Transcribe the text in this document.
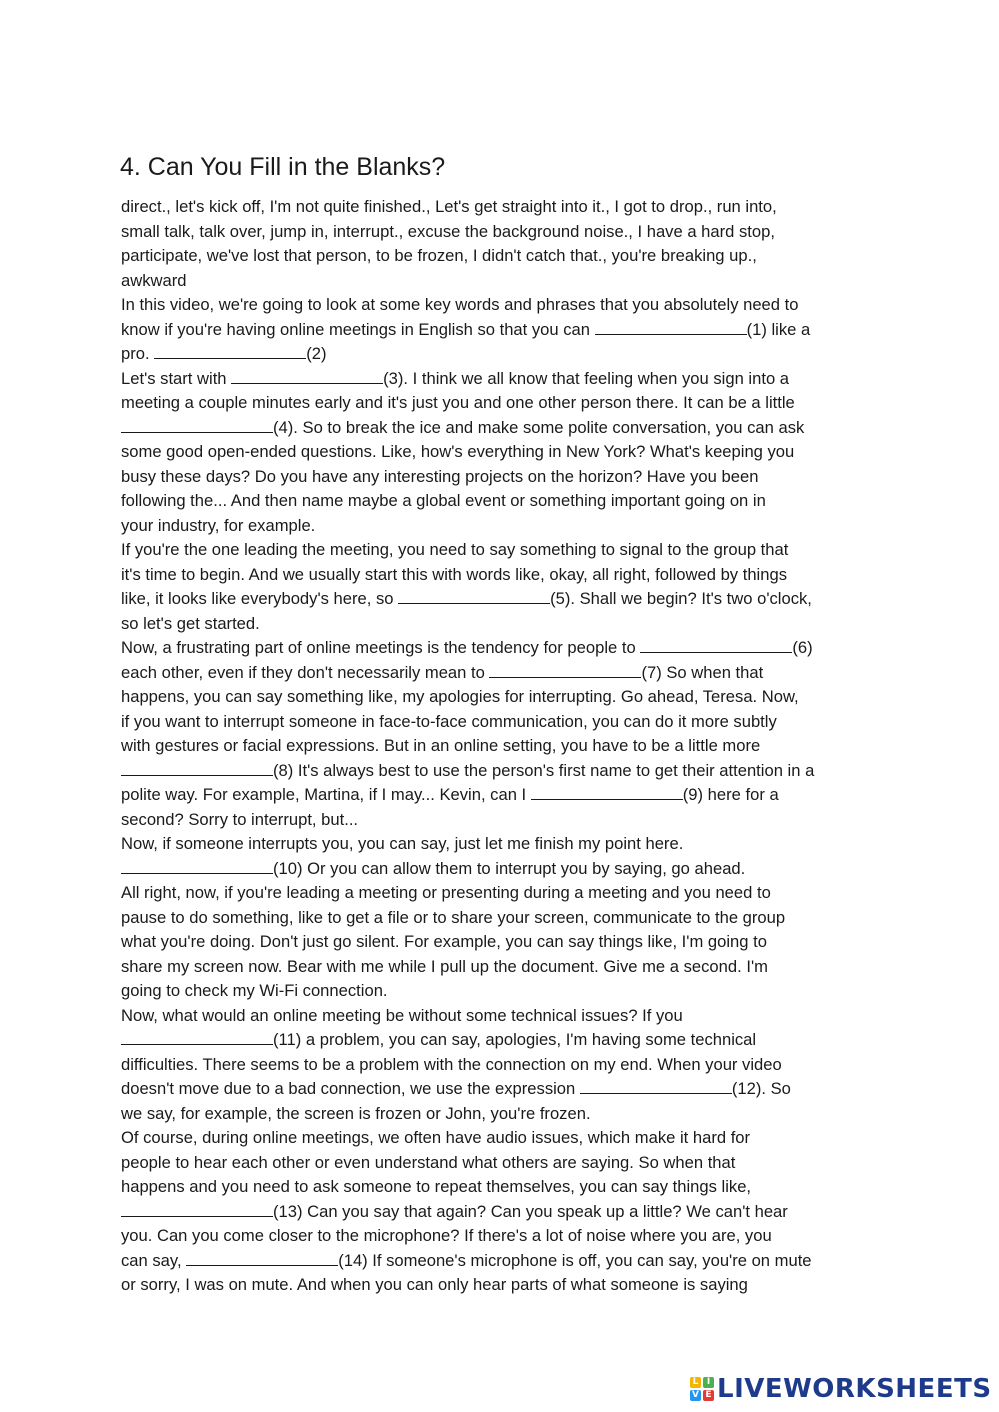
4. Can You Fill in the Blanks?
direct., let's kick off, I'm not quite finished., Let's get straight into it., I got to drop., run into,
small talk, talk over, jump in, interrupt., excuse the background noise., I have a hard stop,
participate, we've lost that person, to be frozen, I didn't catch that., you're breaking up.,
awkward
In this video, we're going to look at some key words and phrases that you absolutely need to
know if you're having online meetings in English so that you can	(1) like a
pro.	(2)
Let's start with	(3). I think we all know that feeling when you sign into a
meeting a couple minutes early and it's just you and one other person there. It can be a little
(4). So to break the ice and make some polite conversation, you can ask
some good open-ended questions. Like, how's everything in New York? What's keeping you
busy these days? Do you have any interesting projects on the horizon? Have you been
following the... And then name maybe a global event or something important going on in
your industry, for example.
If you're the one leading the meeting, you need to say something to signal to the group that
it's time to begin. And we usually start this with words like, okay, all right, followed by things
like, it looks like everybody's here, so	(5). Shall we begin? It's two o'clock,
so let's get started.
Now, a frustrating part of online meetings is the tendency for people to	(6)
each other, even if they don't necessarily mean to	(7) So when that
happens, you can say something like, my apologies for interrupting. Go ahead, Teresa. Now,
if you want to interrupt someone in face-to-face communication, you can do it more subtly
with gestures or facial expressions. But in an online setting, you have to be a little more
(8) It's always best to use the person's first name to get their attention in a
polite way. For example, Martina, if I may... Kevin, can I	(9) here for a
second? Sorry to interrupt, but...
Now, if someone interrupts you, you can say, just let me finish my point here.
(10) Or you can allow them to interrupt you by saying, go ahead.
All right, now, if you're leading a meeting or presenting during a meeting and you need to
pause to do something, like to get a file or to share your screen, communicate to the group
what you're doing. Don't just go silent. For example, you can say things like, I'm going to
share my screen now. Bear with me while I pull up the document. Give me a second. I'm
going to check my Wi-Fi connection.
Now, what would an online meeting be without some technical issues? If you
(11) a problem, you can say, apologies, I'm having some technical
difficulties. There seems to be a problem with the connection on my end. When your video
doesn't move due to a bad connection, we use the expression	(12). So
we say, for example, the screen is frozen or John, you're frozen.
Of course, during online meetings, we often have audio issues, which make it hard for
people to hear each other or even understand what others are saying. So when that
happens and you need to ask someone to repeat themselves, you can say things like,
(13) Can you say that again? Can you speak up a little? We can't hear
you. Can you come closer to the microphone? If there's a lot of noise where you are, you
can say,	(14) If someone's microphone is off, you can say, you're on mute
or sorry, I was on mute. And when you can only hear parts of what someone is saying
L I
V E LIVEWORKSHEETS
